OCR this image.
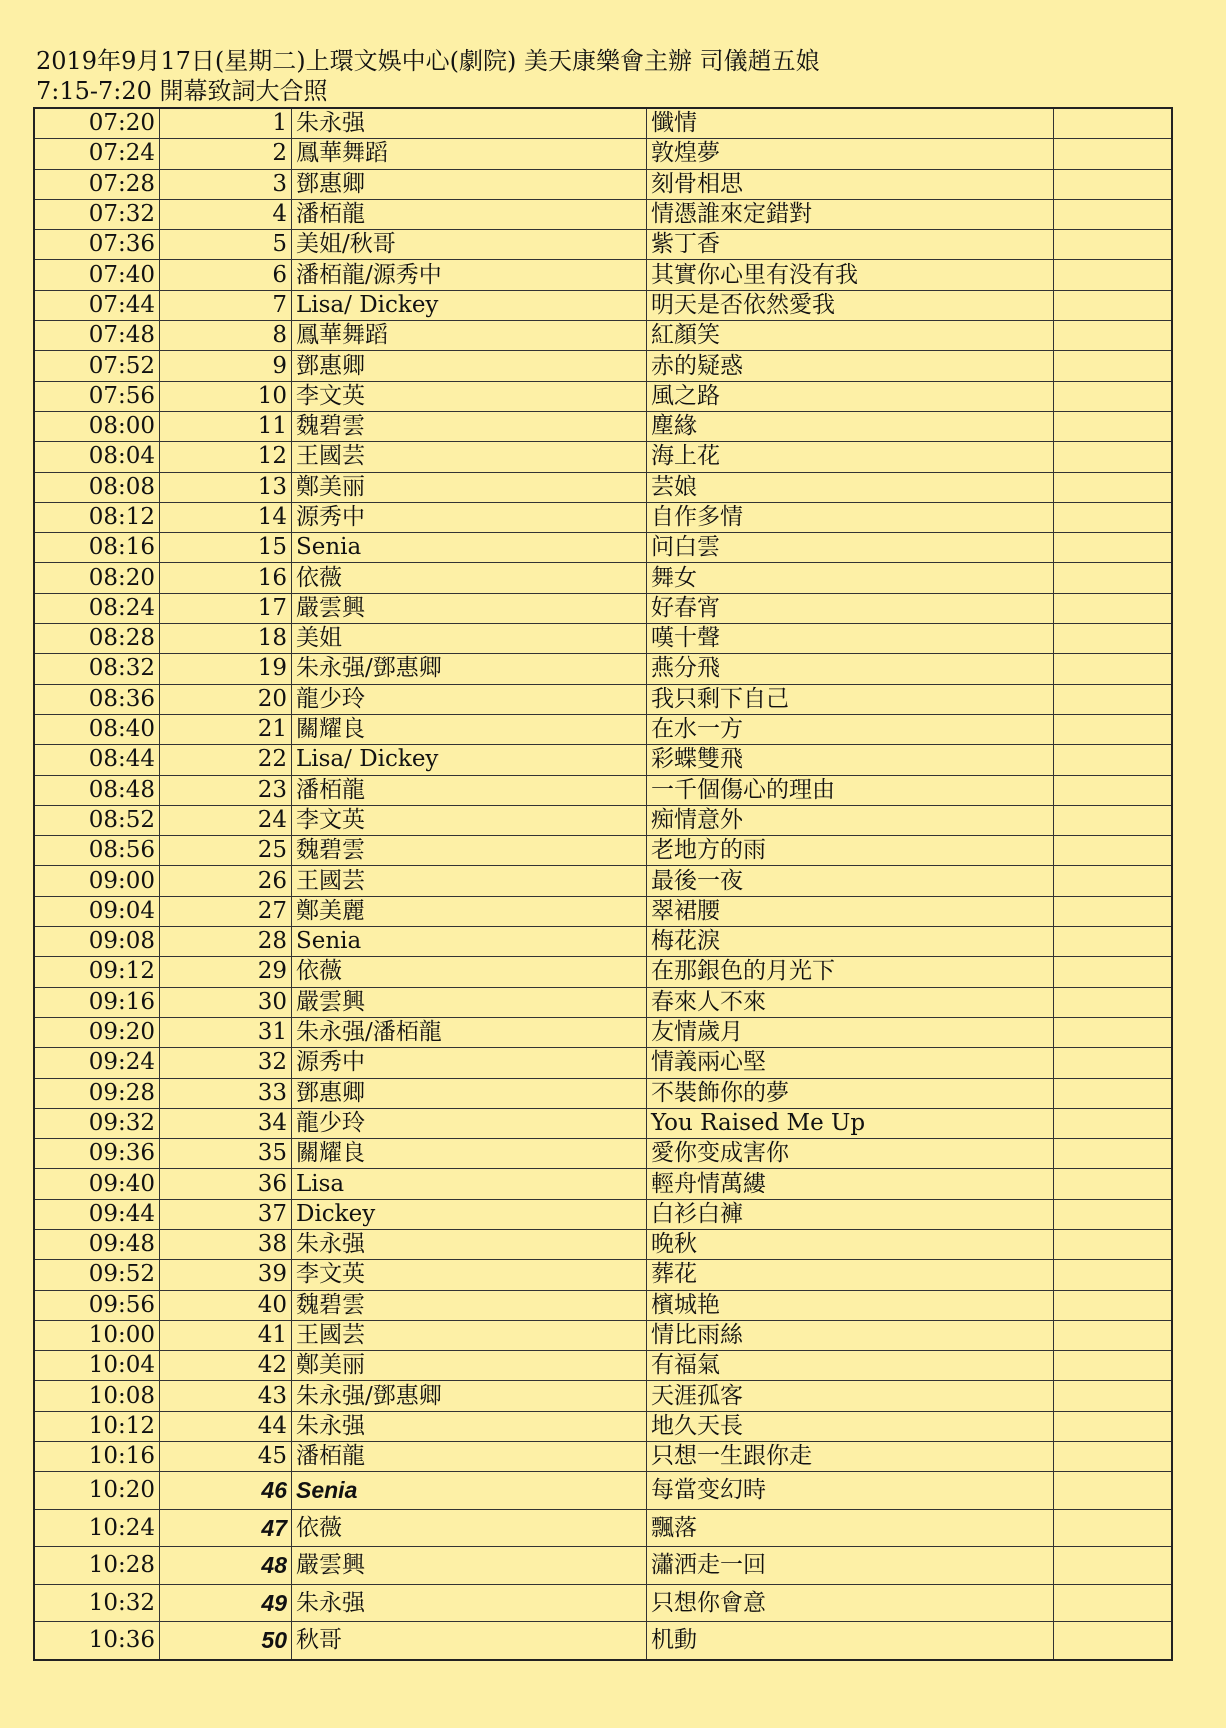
2019年9月17日(星期二)上環文娛中心(劇院) 美天康樂會主辦 司儀趙五娘
7:15-7:20 開幕致詞大合照
07:20	1	朱永强	懺情	
07:24	2	鳳華舞蹈	敦煌夢	
07:28	3	鄧惠卿	刻骨相思	
07:32	4	潘栢龍	情憑誰來定錯對	
07:36	5	美姐/秋哥	紫丁香	
07:40	6	潘栢龍/源秀中	其實你心里有没有我	
07:44	7	Lisa/ Dickey	明天是否依然愛我	
07:48	8	鳳華舞蹈	紅顏笑	
07:52	9	鄧惠卿	赤的疑惑	
07:56	10	李文英	風之路	
08:00	11	魏碧雲	塵緣	
08:04	12	王國芸	海上花	
08:08	13	鄭美丽	芸娘	
08:12	14	源秀中	自作多情	
08:16	15	Senia	问白雲	
08:20	16	依薇	舞女	
08:24	17	嚴雲興	好春宵	
08:28	18	美姐	嘆十聲	
08:32	19	朱永强/鄧惠卿	燕分飛	
08:36	20	龍少玲	我只剩下自己	
08:40	21	關耀良	在水一方	
08:44	22	Lisa/ Dickey	彩蝶雙飛	
08:48	23	潘栢龍	一千個傷心的理由	
08:52	24	李文英	痴情意外	
08:56	25	魏碧雲	老地方的雨	
09:00	26	王國芸	最後一夜	
09:04	27	鄭美麗	翠裙腰	
09:08	28	Senia	梅花淚	
09:12	29	依薇	在那銀色的月光下	
09:16	30	嚴雲興	春來人不來	
09:20	31	朱永强/潘栢龍	友情歲月	
09:24	32	源秀中	情義兩心堅	
09:28	33	鄧惠卿	不裝飾你的夢	
09:32	34	龍少玲	You Raised Me Up	
09:36	35	關耀良	愛你变成害你	
09:40	36	Lisa	輕舟情萬縷	
09:44	37	Dickey	白衫白褲	
09:48	38	朱永强	晚秋	
09:52	39	李文英	葬花	
09:56	40	魏碧雲	檳城艳	
10:00	41	王國芸	情比雨絲	
10:04	42	鄭美丽	有福氣	
10:08	43	朱永强/鄧惠卿	天涯孤客	
10:12	44	朱永强	地久天長	
10:16	45	潘栢龍	只想一生跟你走	
10:20	46	Senia	每當变幻時	
10:24	47	依薇	飄落	
10:28	48	嚴雲興	瀟洒走一回	
10:32	49	朱永强	只想你會意	
10:36	50	秋哥	机動	
